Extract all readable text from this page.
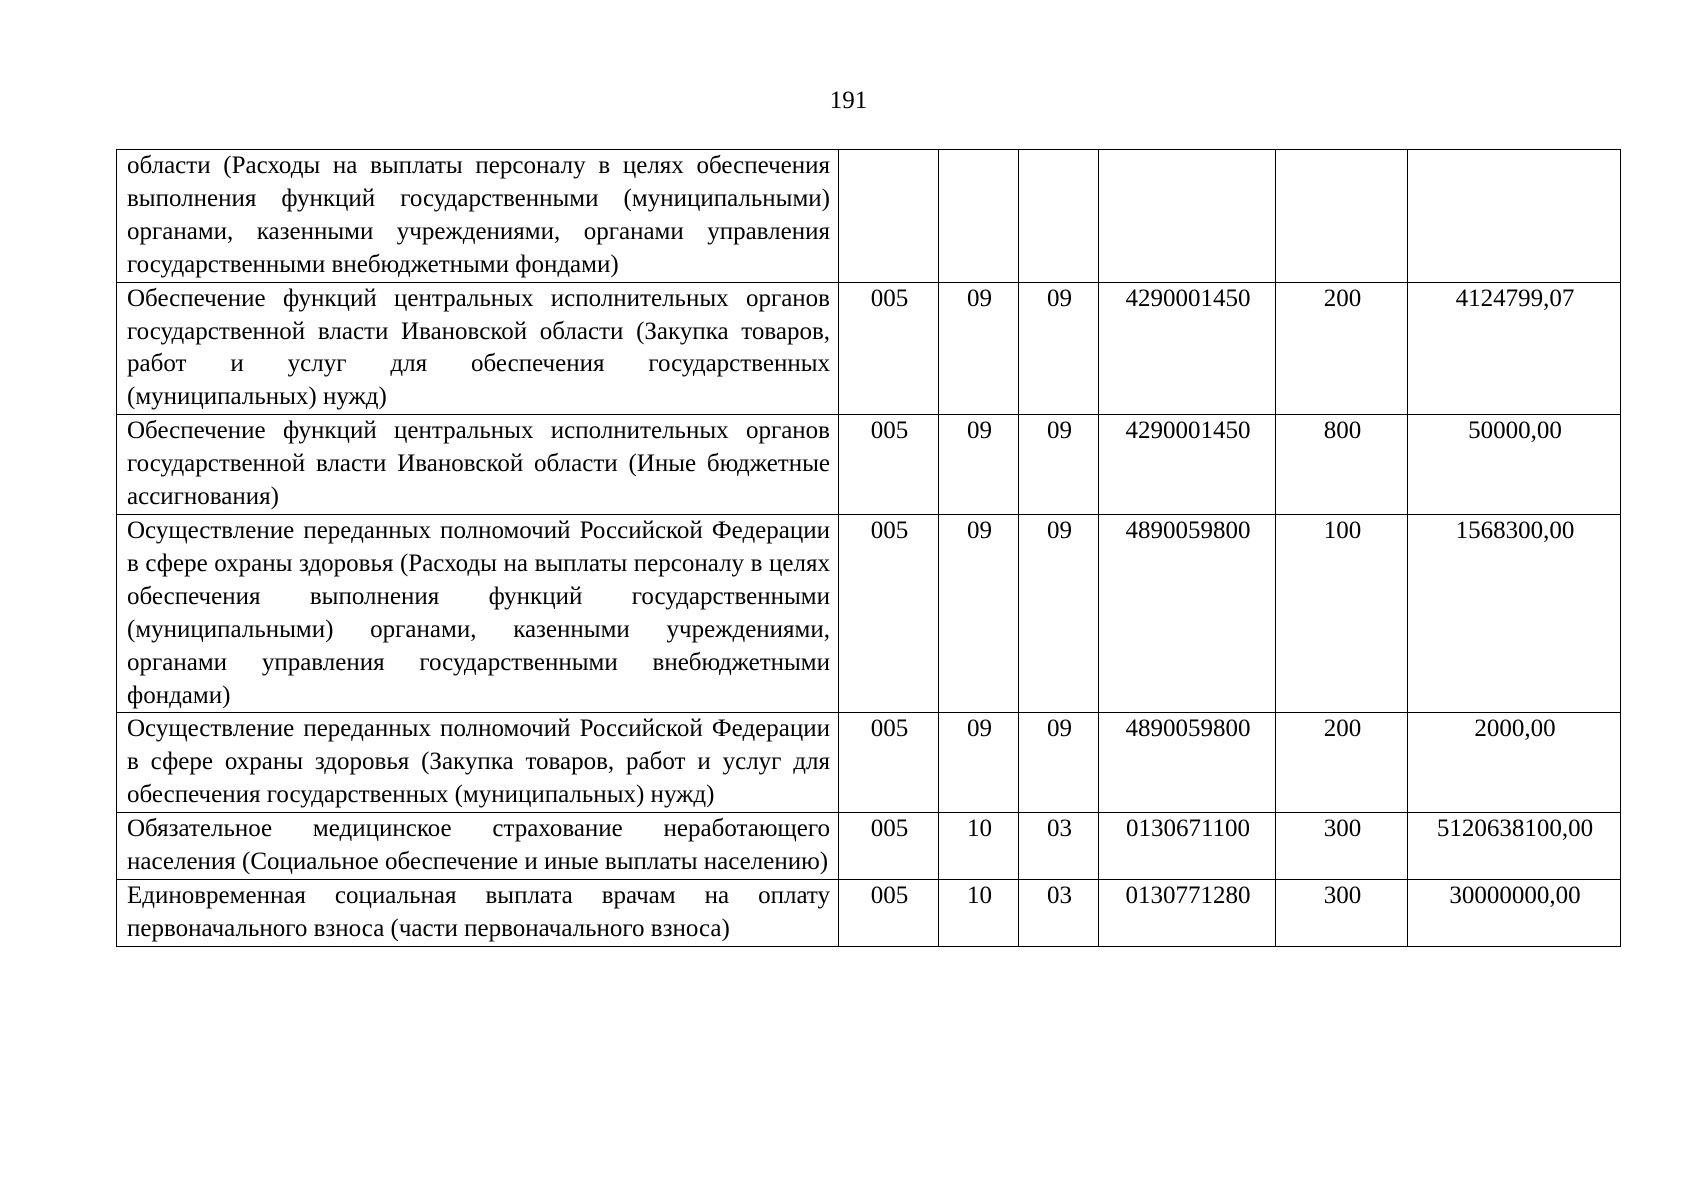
191
области (Расходы на выплаты персоналу в целях обеспечения выполнения функций государственными (муниципальными) органами, казенными учреждениями, органами управления государственными внебюджетными фондами)						
Обеспечение функций центральных исполнительных органов государственной власти Ивановской области (Закупка товаров, работ и услуг для обеспечения государственных (муниципальных) нужд)	005	09	09	4290001450	200	4124799,07
Обеспечение функций центральных исполнительных органов государственной власти Ивановской области (Иные бюджетные ассигнования)	005	09	09	4290001450	800	50000,00
Осуществление переданных полномочий Российской Федерации в сфере охраны здоровья (Расходы на выплаты персоналу в целях обеспечения выполнения функций государственными (муниципальными) органами, казенными учреждениями, органами управления государственными внебюджетными фондами)	005	09	09	4890059800	100	1568300,00
Осуществление переданных полномочий Российской Федерации в сфере охраны здоровья (Закупка товаров, работ и услуг для обеспечения государственных (муниципальных) нужд)	005	09	09	4890059800	200	2000,00
Обязательное медицинское страхование неработающего населения (Социальное обеспечение и иные выплаты населению)	005	10	03	0130671100	300	5120638100,00
Единовременная социальная выплата врачам на оплату первоначального взноса (части первоначального взноса)	005	10	03	0130771280	300	30000000,00
